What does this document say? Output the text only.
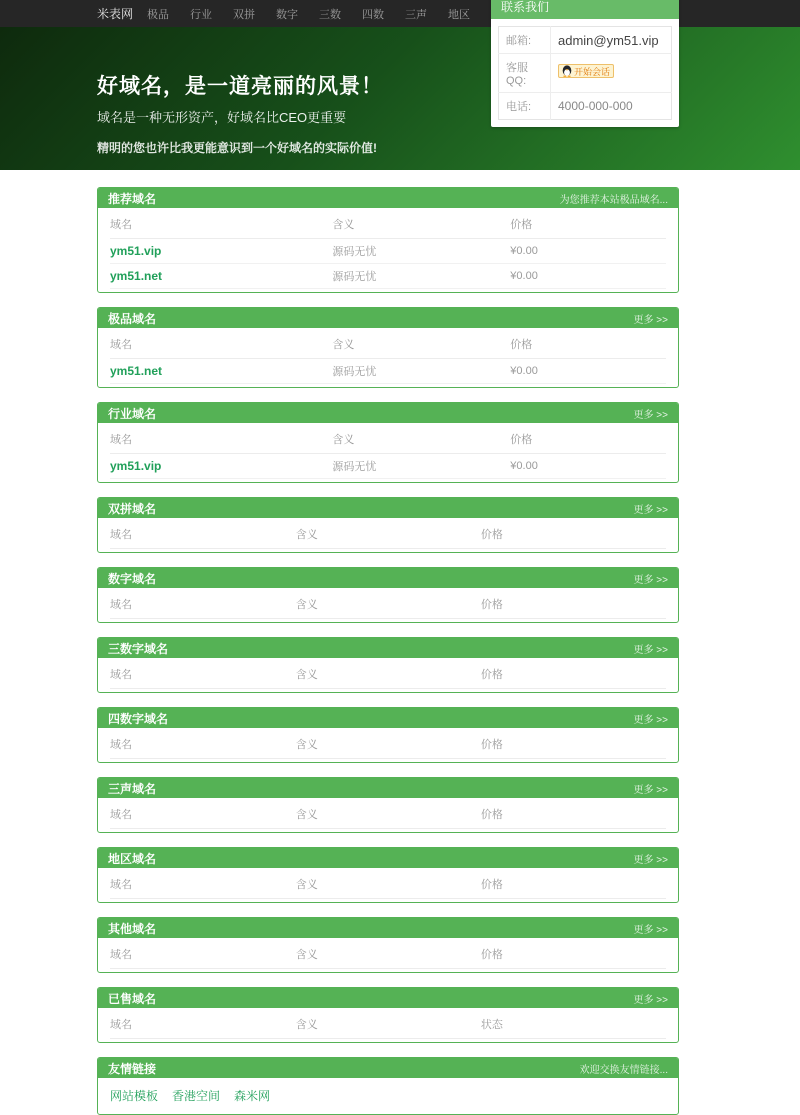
米表网 极品 行业 双拼 数字 三数 四数 三声 地区
请输入关键字母或数字
好域名，是一道亮丽的风景！

域名是一种无形资产，好域名比CEO更重要

精明的您也许比我更能意识到一个好域名的实际价值!

联系我们
邮箱:	admin@ym51.vip
客服QQ:	开始会话

电话:	4000-000-000
推荐域名	为您推荐本站极品域名...
域名	含义	价格
ym51.vip	源码无忧	¥0.00
ym51.net	源码无忧	¥0.00
极品域名	更多 >>
域名	含义	价格
ym51.net	源码无忧	¥0.00
行业域名	更多 >>
域名	含义	价格
ym51.vip	源码无忧	¥0.00
双拼域名	更多 >>
域名	含义	价格
数字域名	更多 >>
域名	含义	价格
三数字域名	更多 >>
域名	含义	价格
四数字域名	更多 >>
域名	含义	价格
三声域名	更多 >>
域名	含义	价格
地区域名	更多 >>
域名	含义	价格
其他域名	更多 >>
域名	含义	价格
已售域名	更多 >>
域名	含义	状态
友情链接	欢迎交换友情链接...
网站模板 香港空间 森米网
